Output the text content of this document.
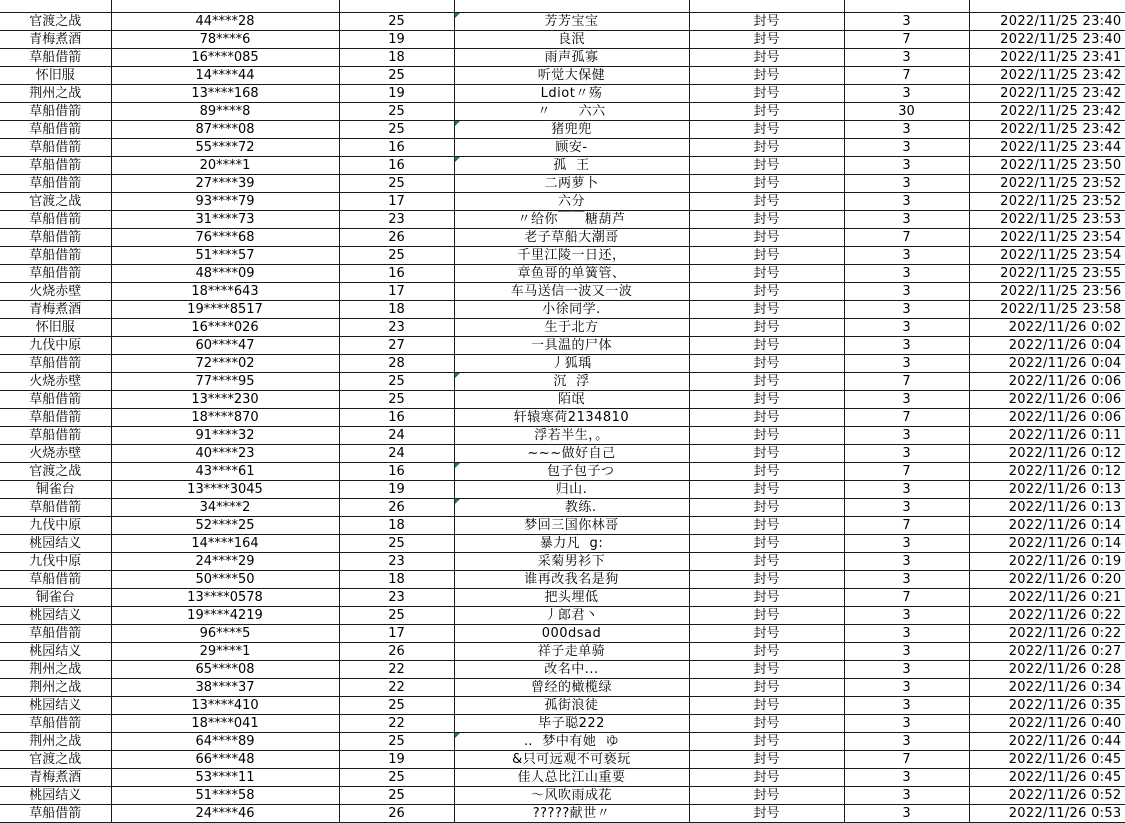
官渡之战	44****28	25	芳芳宝宝	封号	3	2022/11/25 23:40
青梅煮酒	78****6	19	良泯	封号	7	2022/11/25 23:40
草船借箭	16****085	18	雨声孤寡	封号	3	2022/11/25 23:41
怀旧服	14****44	25	听觉大保健	封号	7	2022/11/25 23:42
荆州之战	13****168	19	Ldiot〃殇	封号	3	2022/11/25 23:42
草船借箭	89****8	25	〃      六六	封号	30	2022/11/25 23:42
草船借箭	87****08	25	猪兜兜	封号	3	2022/11/25 23:42
草船借箭	55****72	16	顾安-	封号	3	2022/11/25 23:44
草船借箭	20****1	16	孤  王	封号	3	2022/11/25 23:50
草船借箭	27****39	25	二两萝卜	封号	3	2022/11/25 23:52
官渡之战	93****79	17	六分	封号	3	2022/11/25 23:52
草船借箭	31****73	23	〃给你￣￣糖葫芦	封号	3	2022/11/25 23:53
草船借箭	76****68	26	老子草船大潮哥	封号	7	2022/11/25 23:54
草船借箭	51****57	25	千里江陵一日还，	封号	3	2022/11/25 23:54
草船借箭	48****09	16	章鱼哥的单簧管、	封号	3	2022/11/25 23:55
火烧赤壁	18****643	17	车马送信一波又一波	封号	3	2022/11/25 23:56
青梅煮酒	19****8517	18	小徐同学.	封号	3	2022/11/25 23:58
怀旧服	16****026	23	生于北方	封号	3	2022/11/26 0:02
九伐中原	60****47	27	一具温的尸体	封号	3	2022/11/26 0:04
草船借箭	72****02	28	丿狐瑀	封号	3	2022/11/26 0:04
火烧赤壁	77****95	25	沉  浮	封号	7	2022/11/26 0:06
草船借箭	13****230	25	陌氓	封号	3	2022/11/26 0:06
草船借箭	18****870	16	轩辕寒荷2134810	封号	7	2022/11/26 0:06
草船借箭	91****32	24	浮若半生，。	封号	3	2022/11/26 0:11
火烧赤壁	40****23	24	~~~做好自己	封号	3	2022/11/26 0:12
官渡之战	43****61	16	包子包子つ	封号	7	2022/11/26 0:12
铜雀台	13****3045	19	归山.	封号	3	2022/11/26 0:13
草船借箭	34****2	26	教练.	封号	3	2022/11/26 0:13
九伐中原	52****25	18	梦回三国你林哥	封号	7	2022/11/26 0:14
桃园结义	14****164	25	暴力凡  g:	封号	3	2022/11/26 0:14
九伐中原	24****29	23	采菊男衫下	封号	3	2022/11/26 0:19
草船借箭	50****50	18	谁再改我名是狗	封号	3	2022/11/26 0:20
铜雀台	13****0578	23	把头埋低	封号	7	2022/11/26 0:21
桃园结义	19****4219	25	丿郎君丶	封号	3	2022/11/26 0:22
草船借箭	96****5	17	000dsad	封号	3	2022/11/26 0:22
桃园结义	29****1	26	祥子走单骑	封号	3	2022/11/26 0:27
荆州之战	65****08	22	改名中...	封号	3	2022/11/26 0:28
荆州之战	38****37	22	曾经的橄榄绿	封号	3	2022/11/26 0:34
桃园结义	13****410	25	孤街浪徒	封号	3	2022/11/26 0:35
草船借箭	18****041	22	毕子聪222	封号	3	2022/11/26 0:40
荆州之战	64****89	25	‥  梦中有她  ゆ	封号	3	2022/11/26 0:44
官渡之战	66****48	19	&只可远观不可亵玩	封号	7	2022/11/26 0:45
青梅煮酒	53****11	25	佳人总比江山重要	封号	3	2022/11/26 0:45
桃园结义	51****58	25	～风吹雨成花	封号	3	2022/11/26 0:52
草船借箭	24****46	26	?????献世〃	封号	3	2022/11/26 0:53
